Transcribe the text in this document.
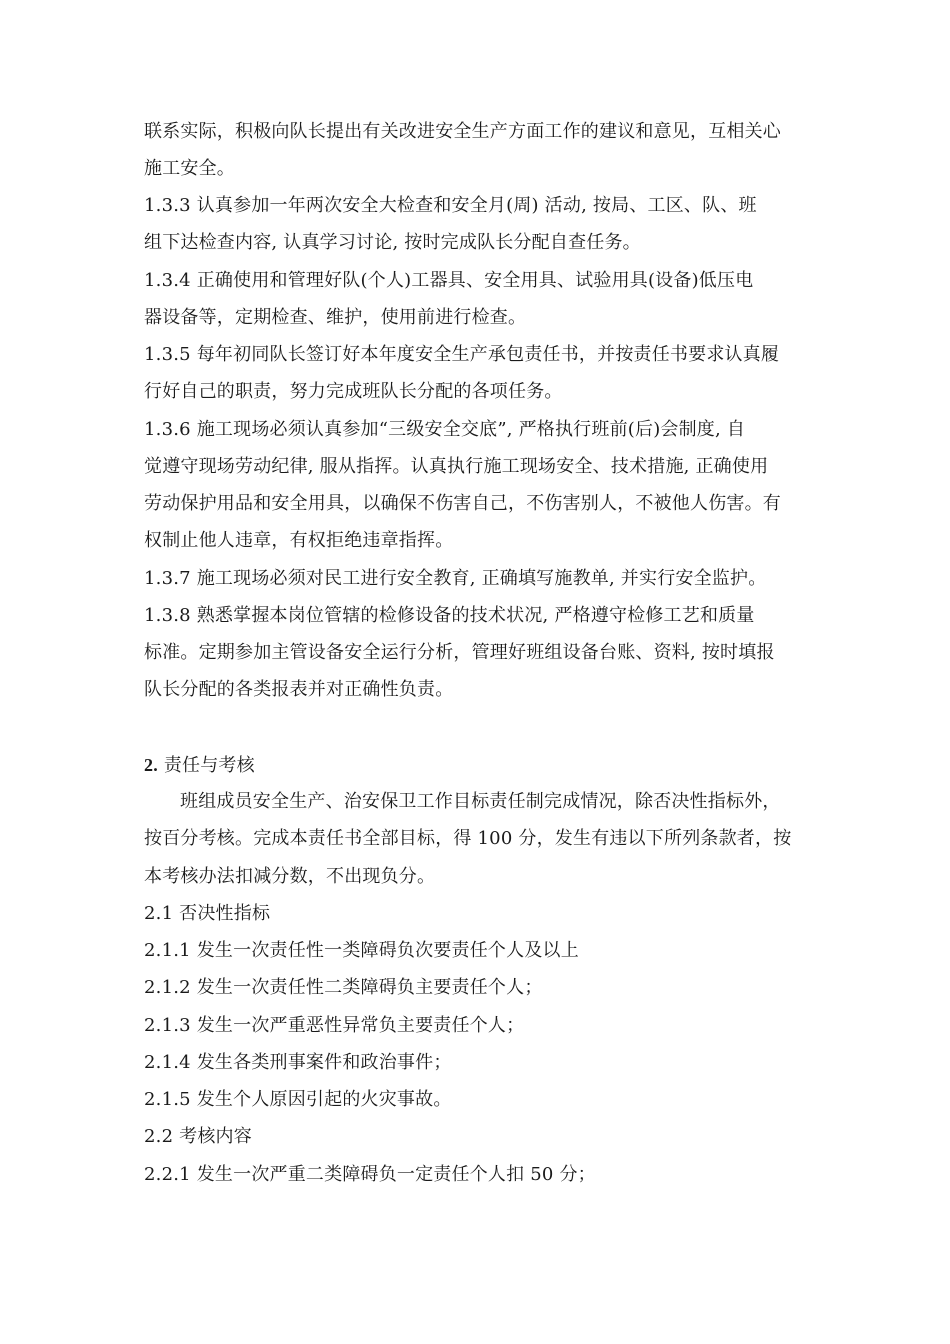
联系实际，积极向队长提出有关改进安全生产方面工作的建议和意见，互相关心
施工安全。
1.3.3 认真参加一年两次安全大检查和安全月(周) 活动, 按局、工区、队、班
组下达检查内容, 认真学习讨论, 按时完成队长分配自查任务。
1.3.4 正确使用和管理好队(个人)工器具、安全用具、试验用具(设备)低压电
器设备等，定期检查、维护，使用前进行检查。
1.3.5 每年初同队长签订好本年度安全生产承包责任书，并按责任书要求认真履
行好自己的职责，努力完成班队长分配的各项任务。
1.3.6 施工现场必须认真参加“三级安全交底”, 严格执行班前(后)会制度, 自
觉遵守现场劳动纪律, 服从指挥。认真执行施工现场安全、技术措施, 正确使用
劳动保护用品和安全用具，以确保不伤害自己，不伤害别人，不被他人伤害。有
权制止他人违章，有权拒绝违章指挥。
1.3.7 施工现场必须对民工进行安全教育, 正确填写施教单, 并实行安全监护。
1.3.8 熟悉掌握本岗位管辖的检修设备的技术状况, 严格遵守检修工艺和质量
标准。定期参加主管设备安全运行分析，管理好班组设备台账、资料, 按时填报
队长分配的各类报表并对正确性负责。
2. 责任与考核
班组成员安全生产、治安保卫工作目标责任制完成情况，除否决性指标外，
按百分考核。完成本责任书全部目标，得 100 分，发生有违以下所列条款者，按
本考核办法扣减分数，不出现负分。
2.1 否决性指标
2.1.1 发生一次责任性一类障碍负次要责任个人及以上
2.1.2 发生一次责任性二类障碍负主要责任个人；
2.1.3 发生一次严重恶性异常负主要责任个人；
2.1.4 发生各类刑事案件和政治事件；
2.1.5 发生个人原因引起的火灾事故。
2.2 考核内容
2.2.1 发生一次严重二类障碍负一定责任个人扣 50 分；
